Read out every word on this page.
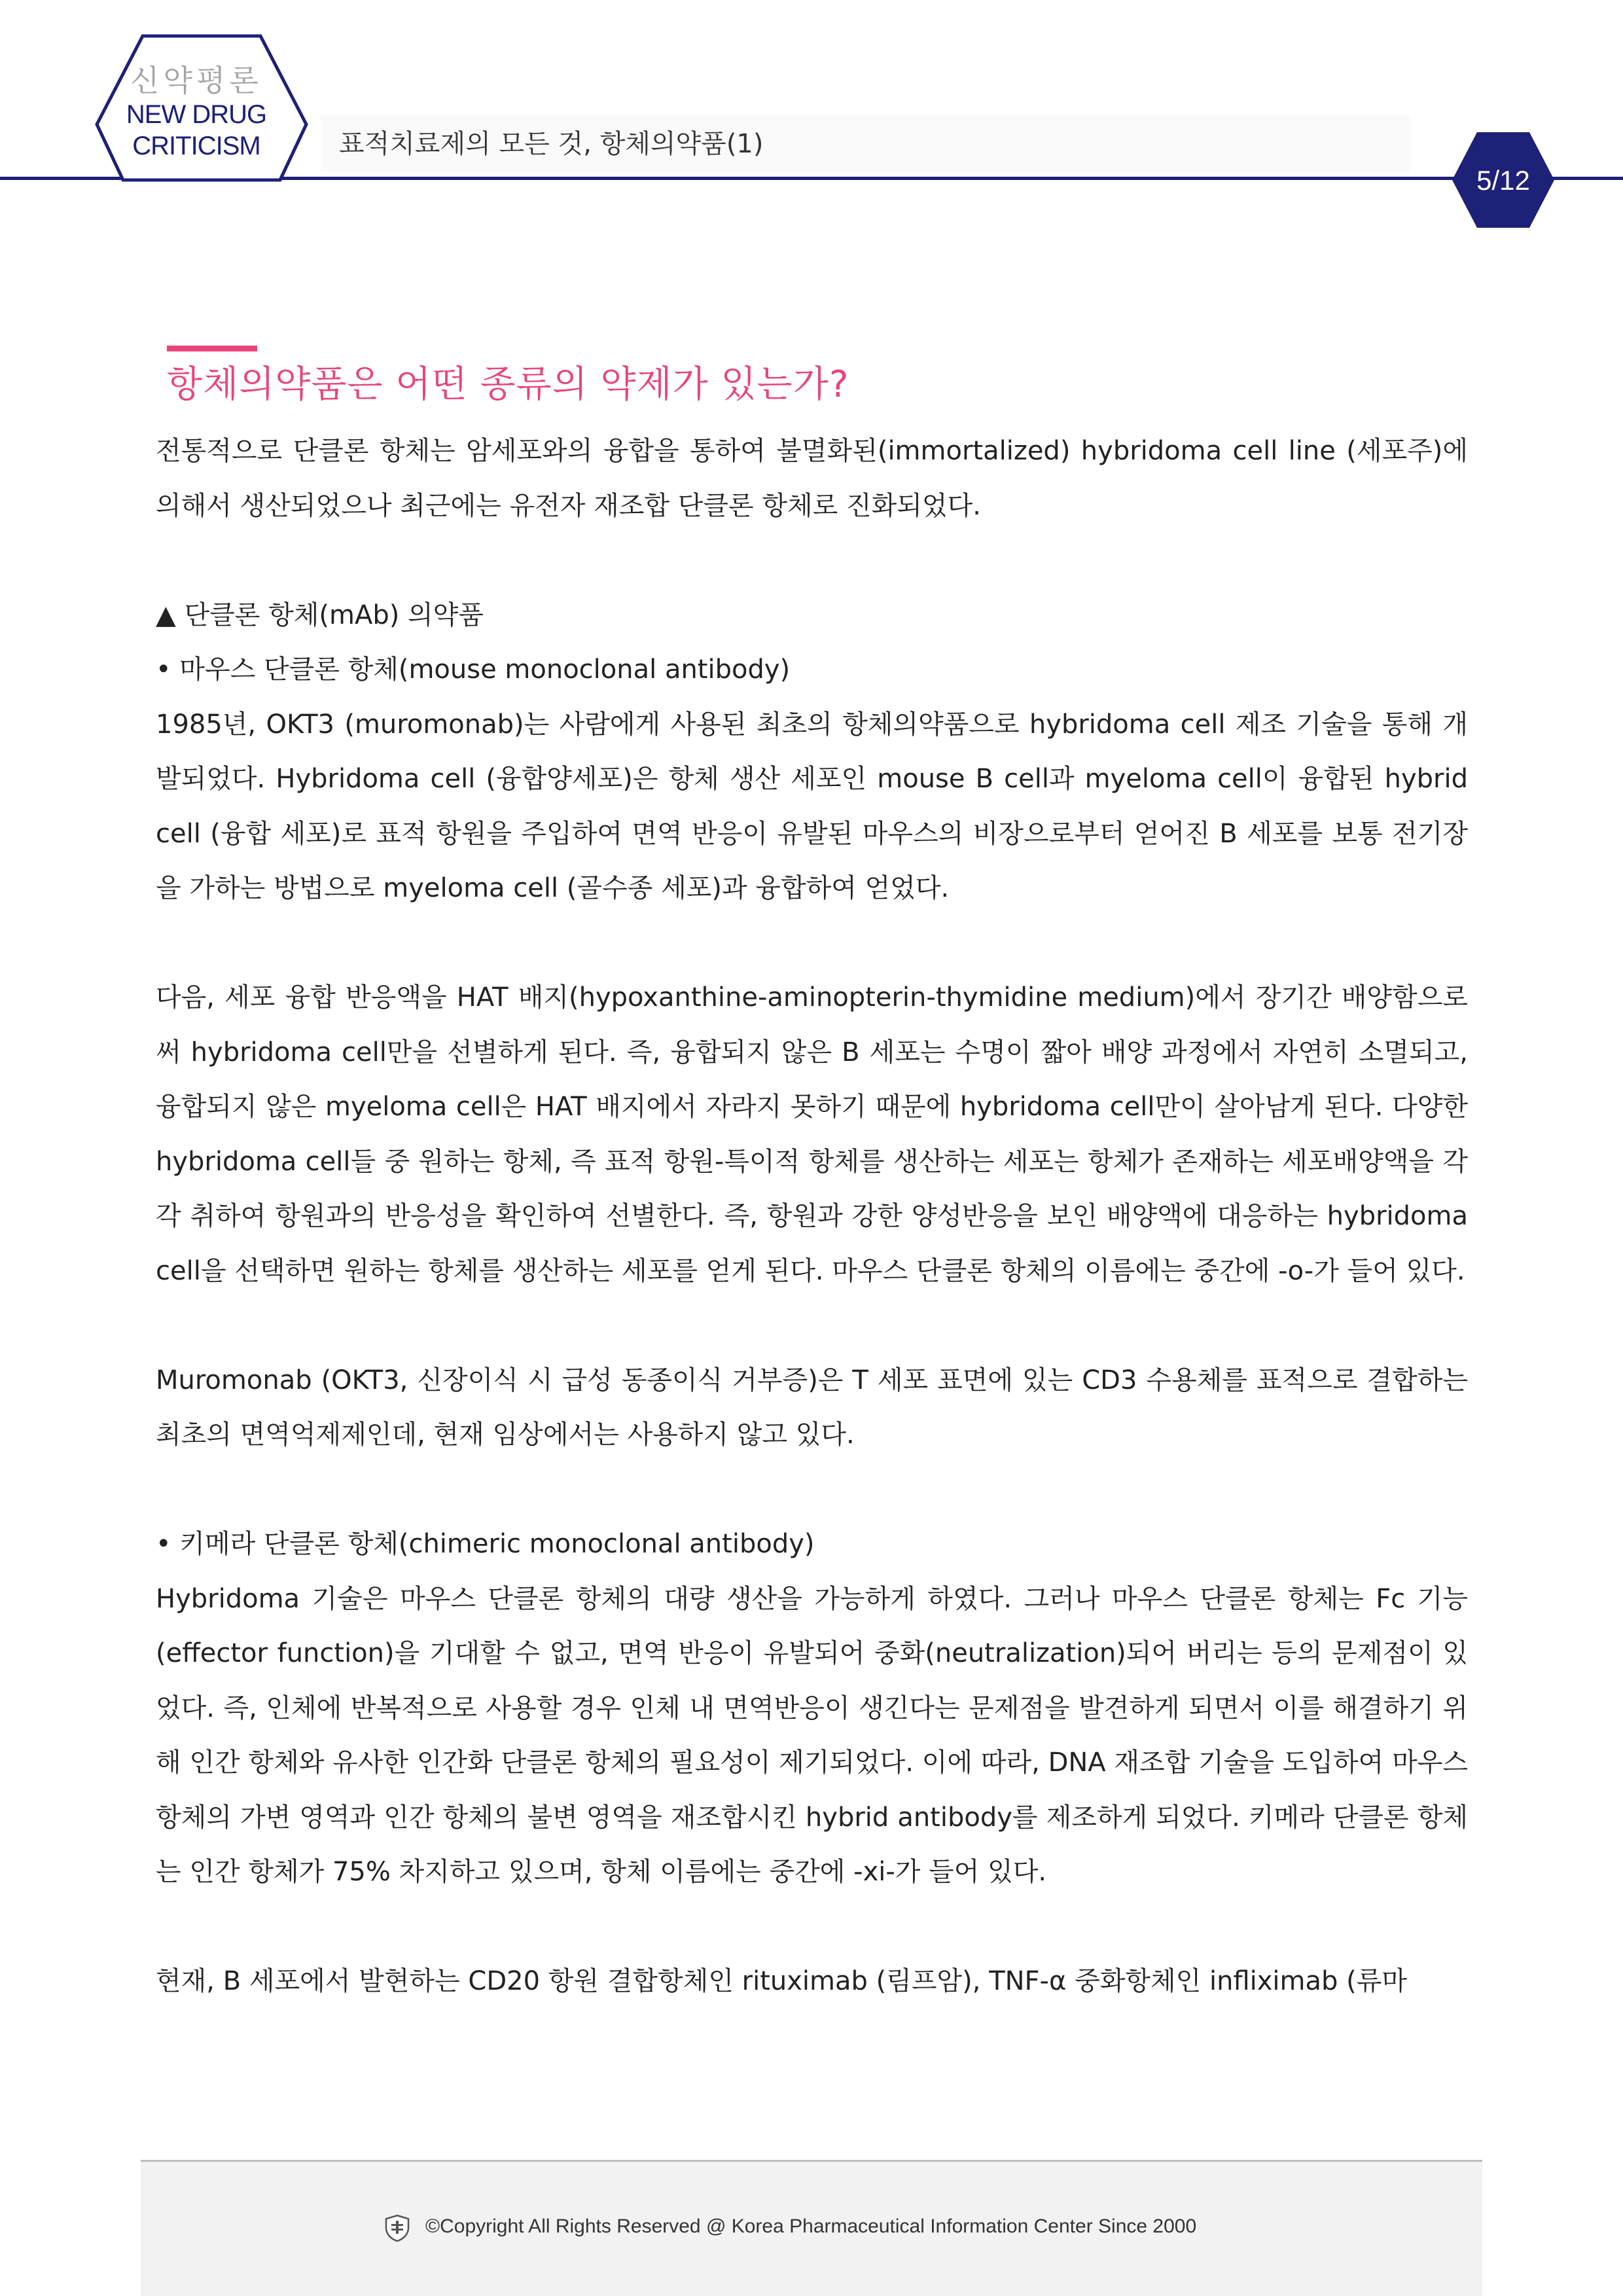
신약평론
NEW DRUG
CRITICISM	표적치료제의 모든 것, 항체의약품(1)
5/12
항체의약품은 어떤 종류의 약제가 있는가?

전통적으로 단클론 항체는 암세포와의 융합을 통하여 불멸화된(immortalized) hybridoma cell line (세포주)에 의해서 생산되었으나 최근에는 유전자 재조합 단클론 항체로 진화되었다.

▲ 단클론 항체(mAb) 의약품

• 마우스 단클론 항체(mouse monoclonal antibody)

1985년, OKT3 (muromonab)는 사람에게 사용된 최초의 항체의약품으로 hybridoma cell 제조 기술을 통해 개발되었다. Hybridoma cell (융합양세포)은 항체 생산 세포인 mouse B cell과 myeloma cell이 융합된 hybrid cell (융합 세포)로 표적 항원을 주입하여 면역 반응이 유발된 마우스의 비장으로부터 얻어진 B 세포를 보통 전기장을 가하는 방법으로 myeloma cell (골수종 세포)과 융합하여 얻었다.

다음, 세포 융합 반응액을 HAT 배지(hypoxanthine-aminopterin-thymidine medium)에서 장기간 배양함으로써 hybridoma cell만을 선별하게 된다. 즉, 융합되지 않은 B 세포는 수명이 짧아 배양 과정에서 자연히 소멸되고, 융합되지 않은 myeloma cell은 HAT 배지에서 자라지 못하기 때문에 hybridoma cell만이 살아남게 된다. 다양한 hybridoma cell들 중 원하는 항체, 즉 표적 항원-특이적 항체를 생산하는 세포는 항체가 존재하는 세포배양액을 각각 취하여 항원과의 반응성을 확인하여 선별한다. 즉, 항원과 강한 양성반응을 보인 배양액에 대응하는 hybridoma cell을 선택하면 원하는 항체를 생산하는 세포를 얻게 된다. 마우스 단클론 항체의 이름에는 중간에 -o-가 들어 있다.

Muromonab (OKT3, 신장이식 시 급성 동종이식 거부증)은 T 세포 표면에 있는 CD3 수용체를 표적으로 결합하는 최초의 면역억제제인데, 현재 임상에서는 사용하지 않고 있다.

• 키메라 단클론 항체(chimeric monoclonal antibody)

Hybridoma 기술은 마우스 단클론 항체의 대량 생산을 가능하게 하였다. 그러나 마우스 단클론 항체는 Fc 기능(effector function)을 기대할 수 없고, 면역 반응이 유발되어 중화(neutralization)되어 버리는 등의 문제점이 있었다. 즉, 인체에 반복적으로 사용할 경우 인체 내 면역반응이 생긴다는 문제점을 발견하게 되면서 이를 해결하기 위해 인간 항체와 유사한 인간화 단클론 항체의 필요성이 제기되었다. 이에 따라, DNA 재조합 기술을 도입하여 마우스 항체의 가변 영역과 인간 항체의 불변 영역을 재조합시킨 hybrid antibody를 제조하게 되었다. 키메라 단클론 항체는 인간 항체가 75% 차지하고 있으며, 항체 이름에는 중간에 -xi-가 들어 있다.

현재, B 세포에서 발현하는 CD20 항원 결합항체인 rituximab (림프암), TNF-α 중화항체인 infliximab (류마

©Copyright All Rights Reserved @ Korea Pharmaceutical Information Center Since 2000
